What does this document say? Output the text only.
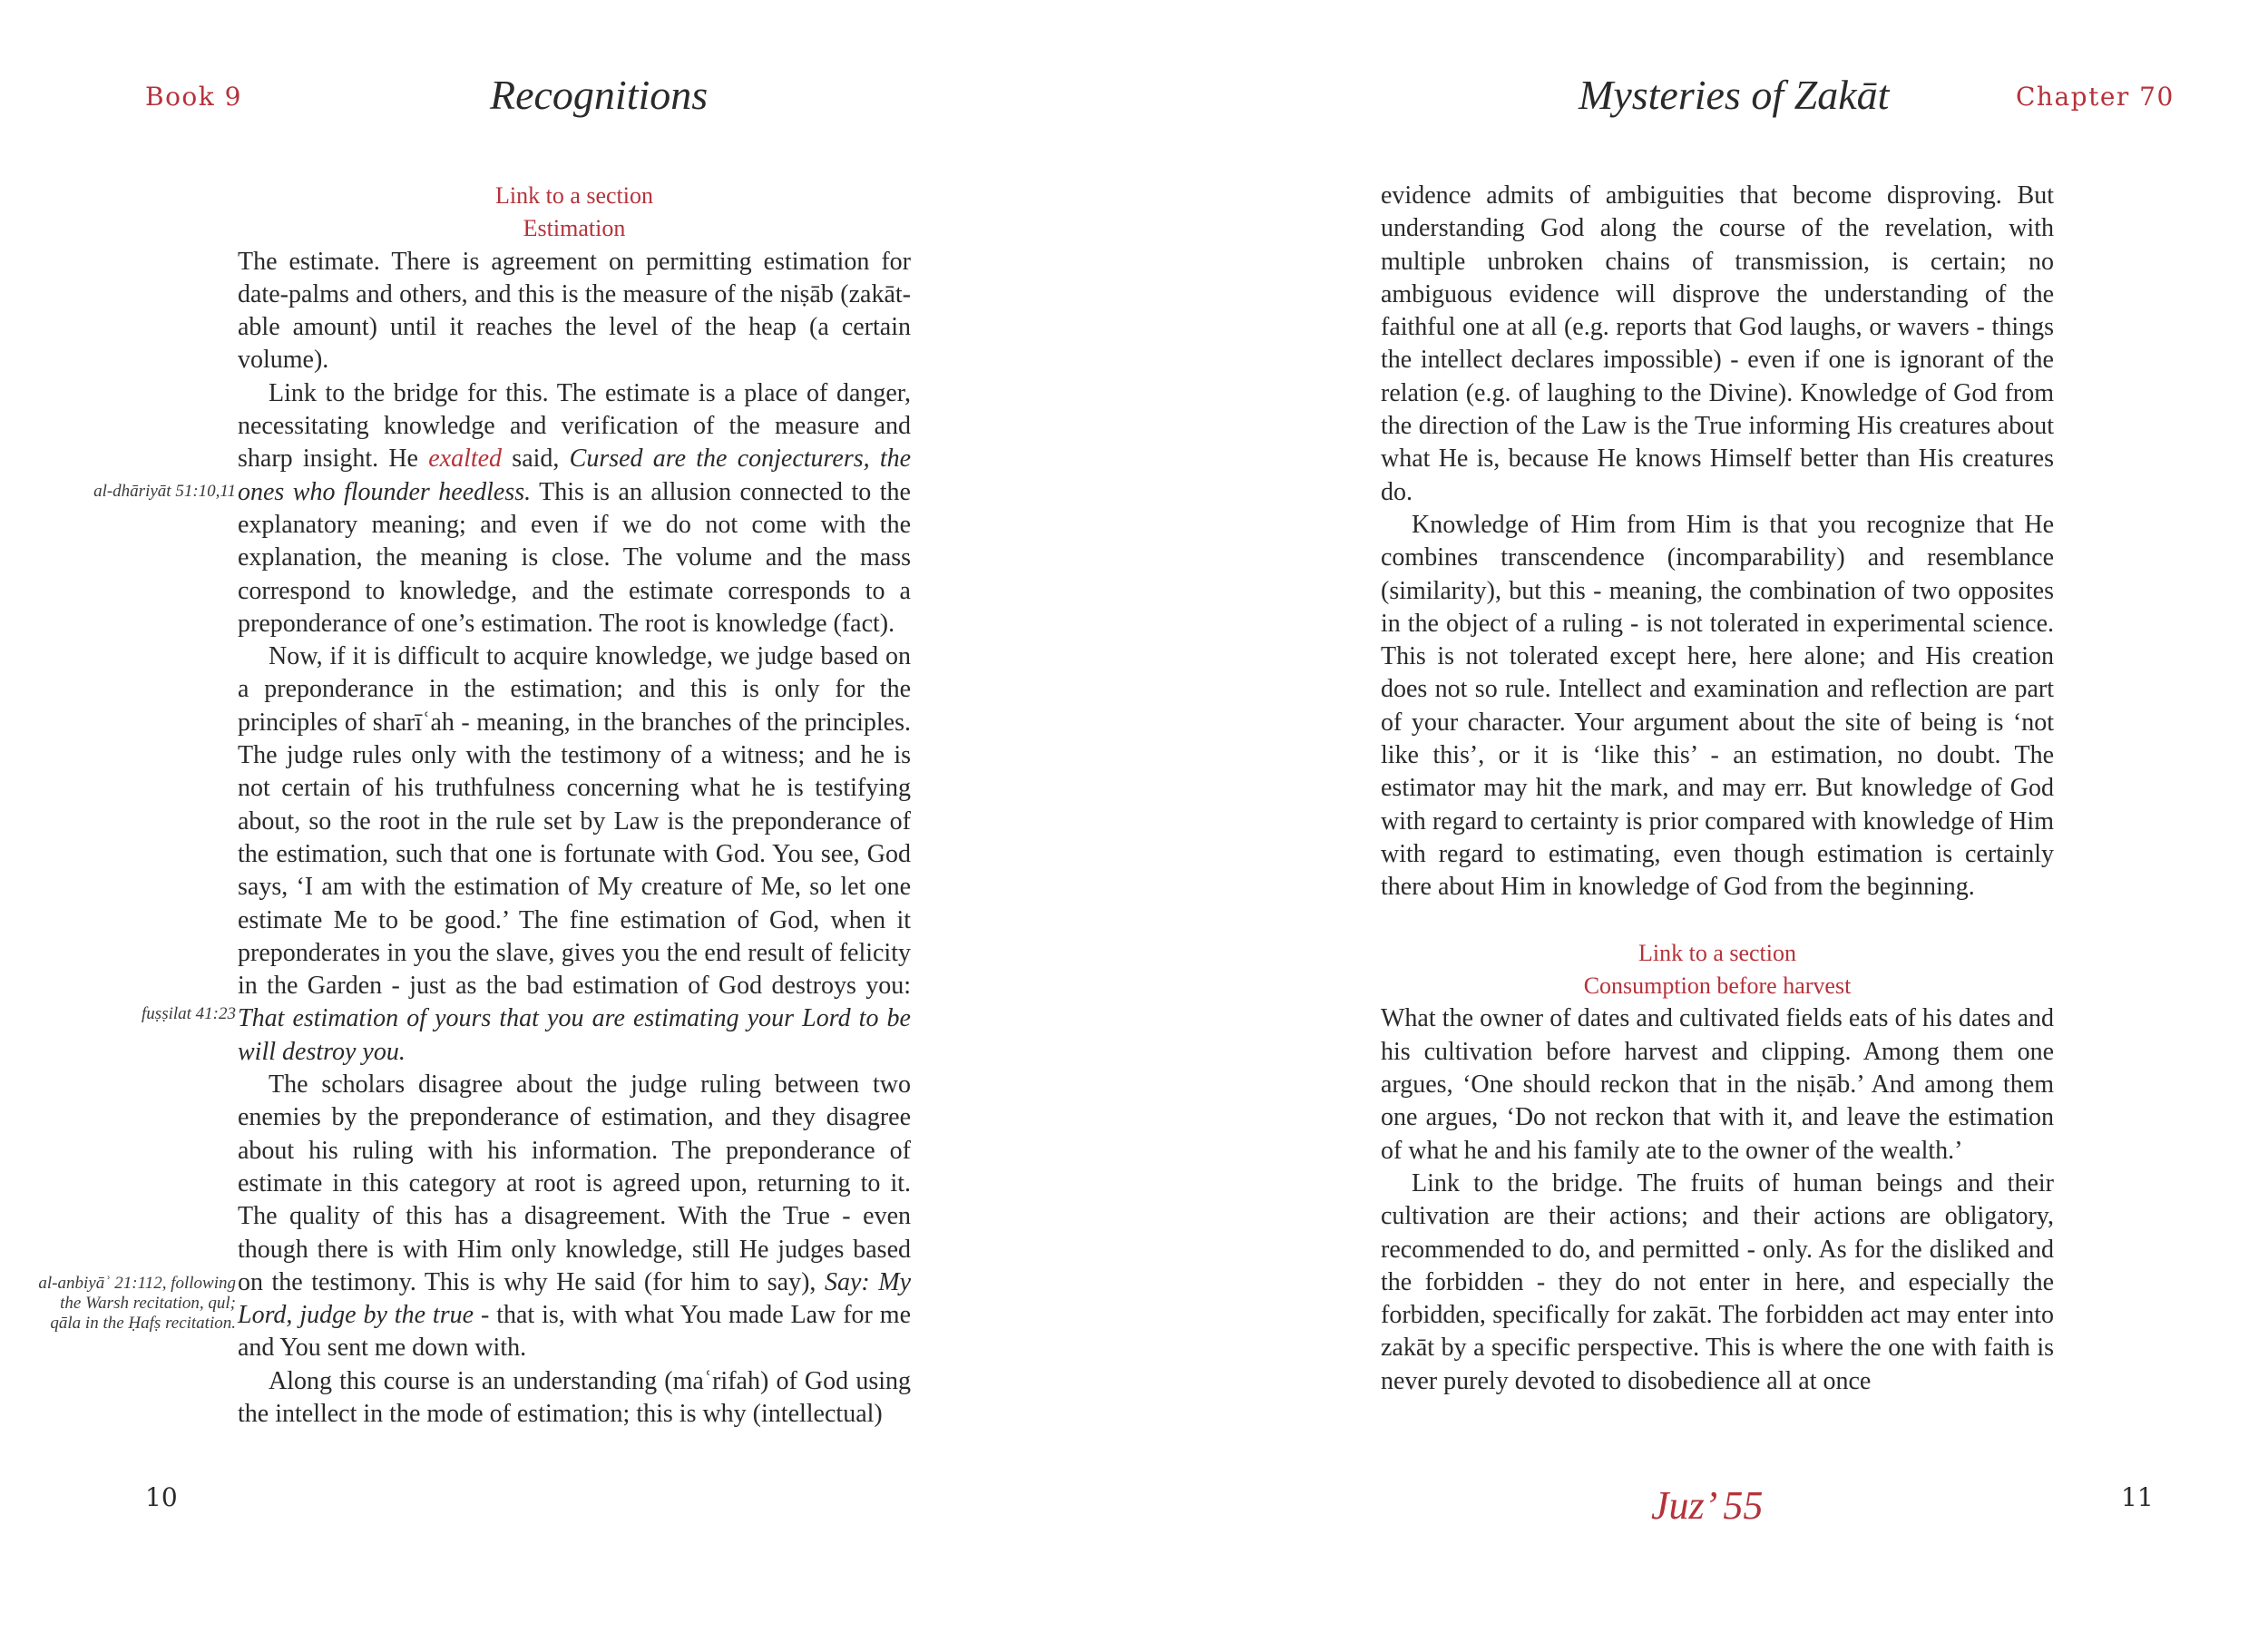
Book 9	Recognitions	Mysteries of Zakāt	Chapter 70
al-dhāriyāt 51:10,11
fuṣṣilat 41:23
al-anbiyāʾ 21:112, following the Warsh recitation, qul; qāla in the Ḥafṣ recitation.
Link to a section
Estimation

The estimate. There is agreement on permitting estimation for date-palms and others, and this is the measure of the niṣāb (zakāt-able amount) until it reaches the level of the heap (a certain volume).

Link to the bridge for this. The estimate is a place of danger, necessitating knowledge and verification of the measure and sharp insight. He exalted said, Cursed are the conjecturers, the ones who flounder heedless. This is an allusion connected to the explanatory meaning; and even if we do not come with the explanation, the meaning is close. The volume and the mass correspond to knowledge, and the estimate corresponds to a preponderance of one’s estimation. The root is knowledge (fact).

Now, if it is difficult to acquire knowledge, we judge based on a preponderance in the estimation; and this is only for the principles of sharīʿah - meaning, in the branches of the principles. The judge rules only with the testimony of a witness; and he is not certain of his truthfulness concerning what he is testifying about, so the root in the rule set by Law is the preponderance of the estimation, such that one is fortunate with God. You see, God says, ‘I am with the estimation of My creature of Me, so let one estimate Me to be good.’ The fine estimation of God, when it preponderates in you the slave, gives you the end result of felicity in the Garden - just as the bad estimation of God destroys you: That estimation of yours that you are estimating your Lord to be will destroy you.

The scholars disagree about the judge ruling between two enemies by the preponderance of estimation, and they disagree about his ruling with his information. The preponderance of estimate in this category at root is agreed upon, returning to it. The quality of this has a disagreement. With the True - even though there is with Him only knowledge, still He judges based on the testimony. This is why He said (for him to say), Say: My Lord, judge by the true - that is, with what You made Law for me and You sent me down with.

Along this course is an understanding (maʿrifah) of God using the intellect in the mode of estimation; this is why (intellectual)

evidence admits of ambiguities that become disproving. But understanding God along the course of the revelation, with multiple unbroken chains of transmission, is certain; no ambiguous evidence will disprove the understanding of the faithful one at all (e.g. reports that God laughs, or wavers - things the intellect declares impossible) - even if one is ignorant of the relation (e.g. of laughing to the Divine). Knowledge of God from the direction of the Law is the True informing His creatures about what He is, because He knows Himself better than His creatures do.

Knowledge of Him from Him is that you recognize that He combines transcendence (incomparability) and resemblance (similarity), but this - meaning, the combination of two opposites in the object of a ruling - is not tolerated in experimental science. This is not tolerated except here, here alone; and His creation does not so rule. Intellect and examination and reflection are part of your character. Your argument about the site of being is ‘not like this’, or it is ‘like this’ - an estimation, no doubt. The estimator may hit the mark, and may err. But knowledge of God with regard to certainty is prior compared with knowledge of Him with regard to estimating, even though estimation is certainly there about Him in knowledge of God from the beginning.

Link to a section
Consumption before harvest

What the owner of dates and cultivated fields eats of his dates and his cultivation before harvest and clipping. Among them one argues, ‘One should reckon that in the niṣāb.’ And among them one argues, ‘Do not reckon that with it, and leave the estimation of what he and his family ate to the owner of the wealth.’

Link to the bridge. The fruits of human beings and their cultivation are their actions; and their actions are obligatory, recommended to do, and permitted - only. As for the disliked and the forbidden - they do not enter in here, and especially the forbidden, specifically for zakāt. The forbidden act may enter into zakāt by a specific perspective. This is where the one with faith is never purely devoted to disobedience all at once

10	Juz’ 55	11
